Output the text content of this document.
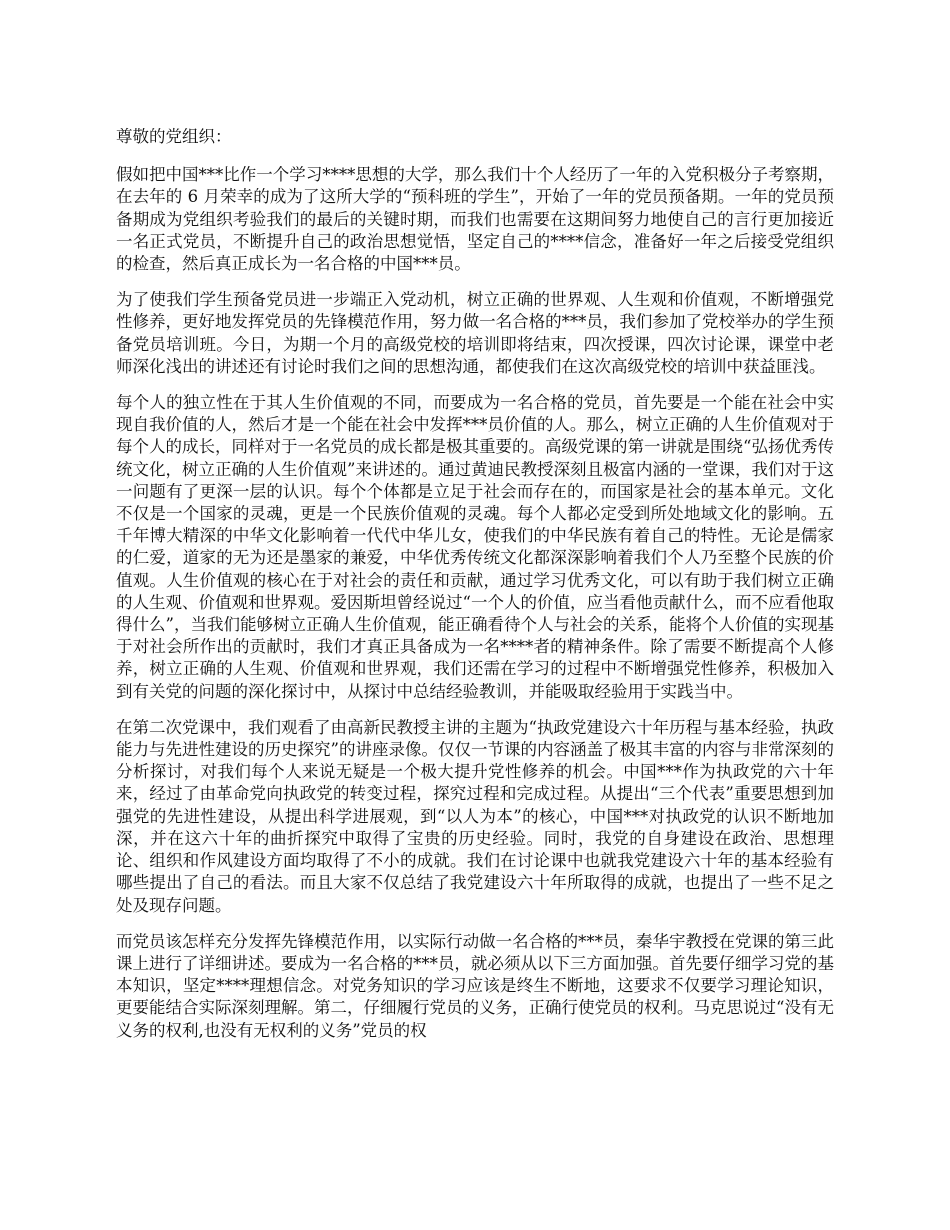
尊敬的党组织：

假如把中国***比作一个学习****思想的大学，那么我们十个人经历了一年的入党积极分子考察期，在去年的 6 月荣幸的成为了这所大学的“预科班的学生”，开始了一年的党员预备期。一年的党员预备期成为党组织考验我们的最后的关键时期，而我们也需要在这期间努力地使自己的言行更加接近一名正式党员，不断提升自己的政治思想觉悟，坚定自己的****信念，准备好一年之后接受党组织的检查，然后真正成长为一名合格的中国***员。

为了使我们学生预备党员进一步端正入党动机，树立正确的世界观、人生观和价值观，不断增强党性修养，更好地发挥党员的先锋模范作用，努力做一名合格的***员，我们参加了党校举办的学生预备党员培训班。今日，为期一个月的高级党校的培训即将结束，四次授课，四次讨论课，课堂中老师深化浅出的讲述还有讨论时我们之间的思想沟通，都使我们在这次高级党校的培训中获益匪浅。

每个人的独立性在于其人生价值观的不同，而要成为一名合格的党员，首先要是一个能在社会中实现自我价值的人，然后才是一个能在社会中发挥***员价值的人。那么，树立正确的人生价值观对于每个人的成长，同样对于一名党员的成长都是极其重要的。高级党课的第一讲就是围绕“弘扬优秀传统文化，树立正确的人生价值观”来讲述的。通过黄迪民教授深刻且极富内涵的一堂课，我们对于这一问题有了更深一层的认识。每个个体都是立足于社会而存在的，而国家是社会的基本单元。文化不仅是一个国家的灵魂，更是一个民族价值观的灵魂。每个人都必定受到所处地域文化的影响。五千年博大精深的中华文化影响着一代代中华儿女，使我们的中华民族有着自己的特性。无论是儒家的仁爱，道家的无为还是墨家的兼爱，中华优秀传统文化都深深影响着我们个人乃至整个民族的价值观。人生价值观的核心在于对社会的责任和贡献，通过学习优秀文化，可以有助于我们树立正确的人生观、价值观和世界观。爱因斯坦曾经说过“一个人的价值，应当看他贡献什么，而不应看他取得什么”，当我们能够树立正确人生价值观，能正确看待个人与社会的关系，能将个人价值的实现基于对社会所作出的贡献时，我们才真正具备成为一名****者的精神条件。除了需要不断提高个人修养，树立正确的人生观、价值观和世界观，我们还需在学习的过程中不断增强党性修养，积极加入到有关党的问题的深化探讨中，从探讨中总结经验教训，并能吸取经验用于实践当中。

在第二次党课中，我们观看了由高新民教授主讲的主题为“执政党建设六十年历程与基本经验，执政能力与先进性建设的历史探究”的讲座录像。仅仅一节课的内容涵盖了极其丰富的内容与非常深刻的分析探讨，对我们每个人来说无疑是一个极大提升党性修养的机会。中国***作为执政党的六十年来，经过了由革命党向执政党的转变过程，探究过程和完成过程。从提出“三个代表”重要思想到加强党的先进性建设，从提出科学进展观，到“以人为本”的核心，中国***对执政党的认识不断地加深，并在这六十年的曲折探究中取得了宝贵的历史经验。同时，我党的自身建设在政治、思想理论、组织和作风建设方面均取得了不小的成就。我们在讨论课中也就我党建设六十年的基本经验有哪些提出了自己的看法。而且大家不仅总结了我党建设六十年所取得的成就，也提出了一些不足之处及现存问题。

而党员该怎样充分发挥先锋模范作用，以实际行动做一名合格的***员，秦华宇教授在党课的第三此课上进行了详细讲述。要成为一名合格的***员，就必须从以下三方面加强。首先要仔细学习党的基本知识，坚定****理想信念。对党务知识的学习应该是终生不断地，这要求不仅要学习理论知识，更要能结合实际深刻理解。第二，仔细履行党员的义务，正确行使党员的权利。马克思说过“没有无义务的权利,也没有无权利的义务”党员的权
